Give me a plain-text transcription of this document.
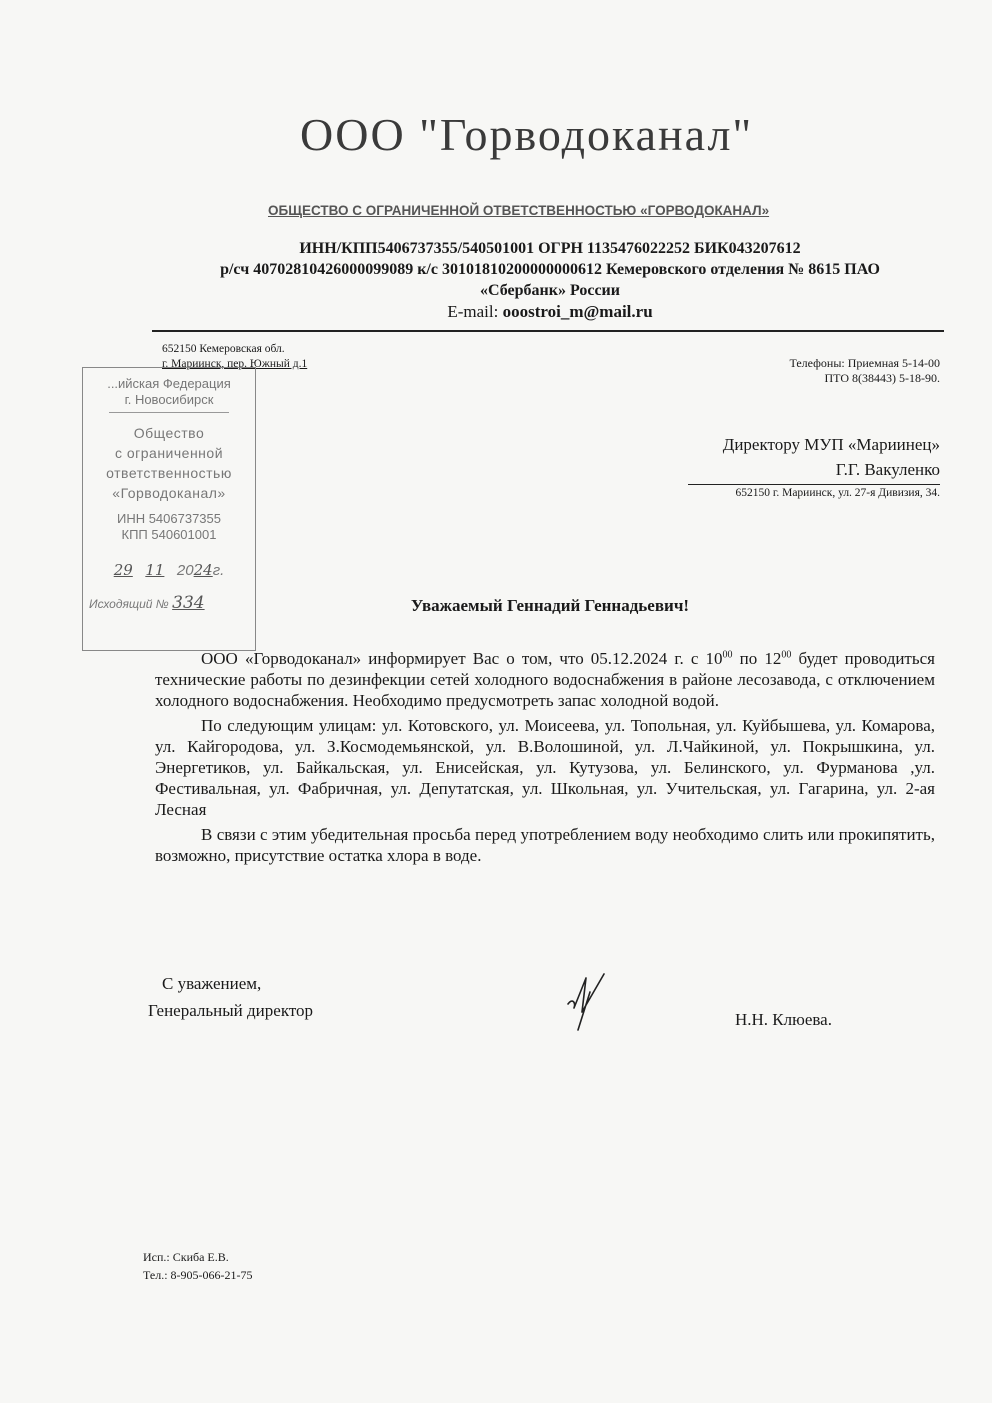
ООО "Горводоканал"
ОБЩЕСТВО С ОГРАНИЧЕННОЙ ОТВЕТСТВЕННОСТЬЮ «ГОРВОДОКАНАЛ»
ИНН/КПП5406737355/540501001 ОГРН 1135476022252 БИК043207612
р/сч 40702810426000099089 к/с 30101810200000000612 Кемеровского отделения № 8615 ПАО
«Сбербанк» России
E-mail: ooostroi_m@mail.ru
652150 Кемеровская обл.
г. Мариинск, пер. Южный д.1	Телефоны: Приемная 5-14-00
ПТО 8(38443) 5-18-90.
...ийская Федерация
г. Новосибирск
Общество
с ограниченной
ответственностью
«Горводоканал»
ИНН 5406737355
КПП 540601001
29 11 2024г.
Исходящий № 334
Директору МУП «Мариинец»
Г.Г. Вакуленко
652150 г. Мариинск, ул. 27-я Дивизия, 34.
Уважаемый Геннадий Геннадьевич!

ООО «Горводоканал» информирует Вас о том, что 05.12.2024 г. с $10^{00}$ по $12^{00}$ будет проводиться технические работы по дезинфекции сетей холодного водоснабжения в районе лесозавода, с отключением холодного водоснабжения. Необходимо предусмотреть запас холодной водой.

По следующим улицам: ул. Котовского, ул. Моисеева, ул. Топольная, ул. Куйбышева, ул. Комарова, ул. Кайгородова, ул. З.Космодемьянской, ул. В.Волошиной, ул. Л.Чайкиной, ул. Покрышкина, ул. Энергетиков, ул. Байкальская, ул. Енисейская, ул. Кутузова, ул. Белинского, ул. Фурманова ,ул. Фестивальная, ул. Фабричная, ул. Депутатская, ул. Школьная, ул. Учительская, ул. Гагарина, ул. 2-ая Лесная

В связи с этим убедительная просьба перед употреблением воду необходимо слить или прокипятить, возможно, присутствие остатка хлора в воде.

С уважением,
Генеральный директор	Н.Н. Клюева.
Исп.: Скиба Е.В.
Тел.: 8-905-066-21-75
